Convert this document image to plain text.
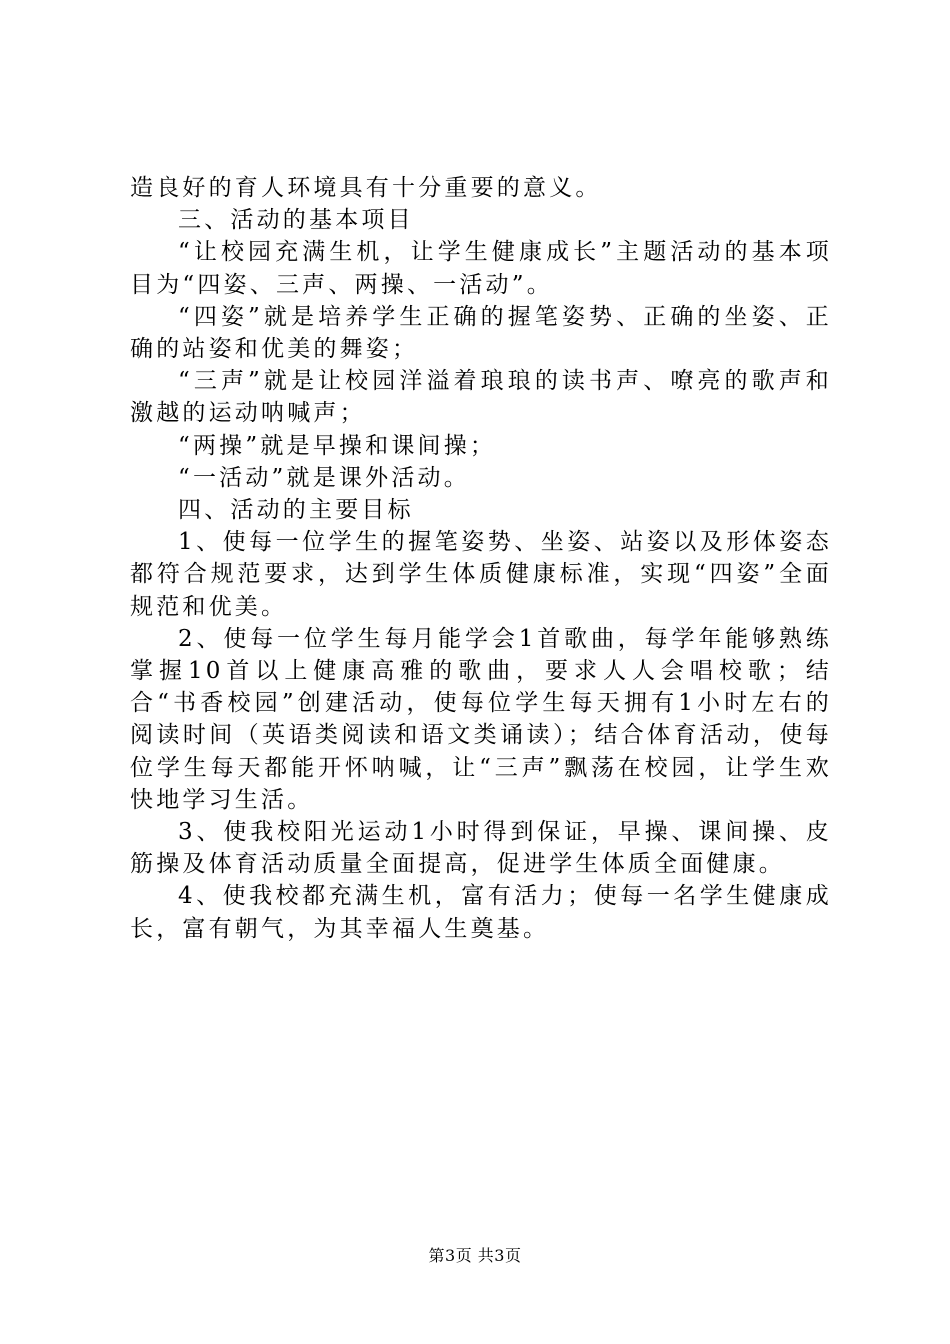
造良好的育人环境具有十分重要的意义。

三、活动的基本项目

“让校园充满生机，让学生健康成长”主题活动的基本项目为“四姿、三声、两操、一活动”。

“四姿”就是培养学生正确的握笔姿势、正确的坐姿、正确的站姿和优美的舞姿；

“三声”就是让校园洋溢着琅琅的读书声、嘹亮的歌声和激越的运动呐喊声；

“两操”就是早操和课间操；

“一活动”就是课外活动。

四、活动的主要目标

1、使每一位学生的握笔姿势、坐姿、站姿以及形体姿态都符合规范要求，达到学生体质健康标准，实现“四姿”全面规范和优美。

2、使每一位学生每月能学会1首歌曲，每学年能够熟练掌握10首以上健康高雅的歌曲，要求人人会唱校歌；结合“书香校园”创建活动，使每位学生每天拥有1小时左右的阅读时间（英语类阅读和语文类诵读）；结合体育活动，使每位学生每天都能开怀呐喊，让“三声”飘荡在校园，让学生欢快地学习生活。

3、使我校阳光运动1小时得到保证，早操、课间操、皮筋操及体育活动质量全面提高，促进学生体质全面健康。

4、使我校都充满生机，富有活力；使每一名学生健康成长，富有朝气，为其幸福人生奠基。

第3页 共3页
